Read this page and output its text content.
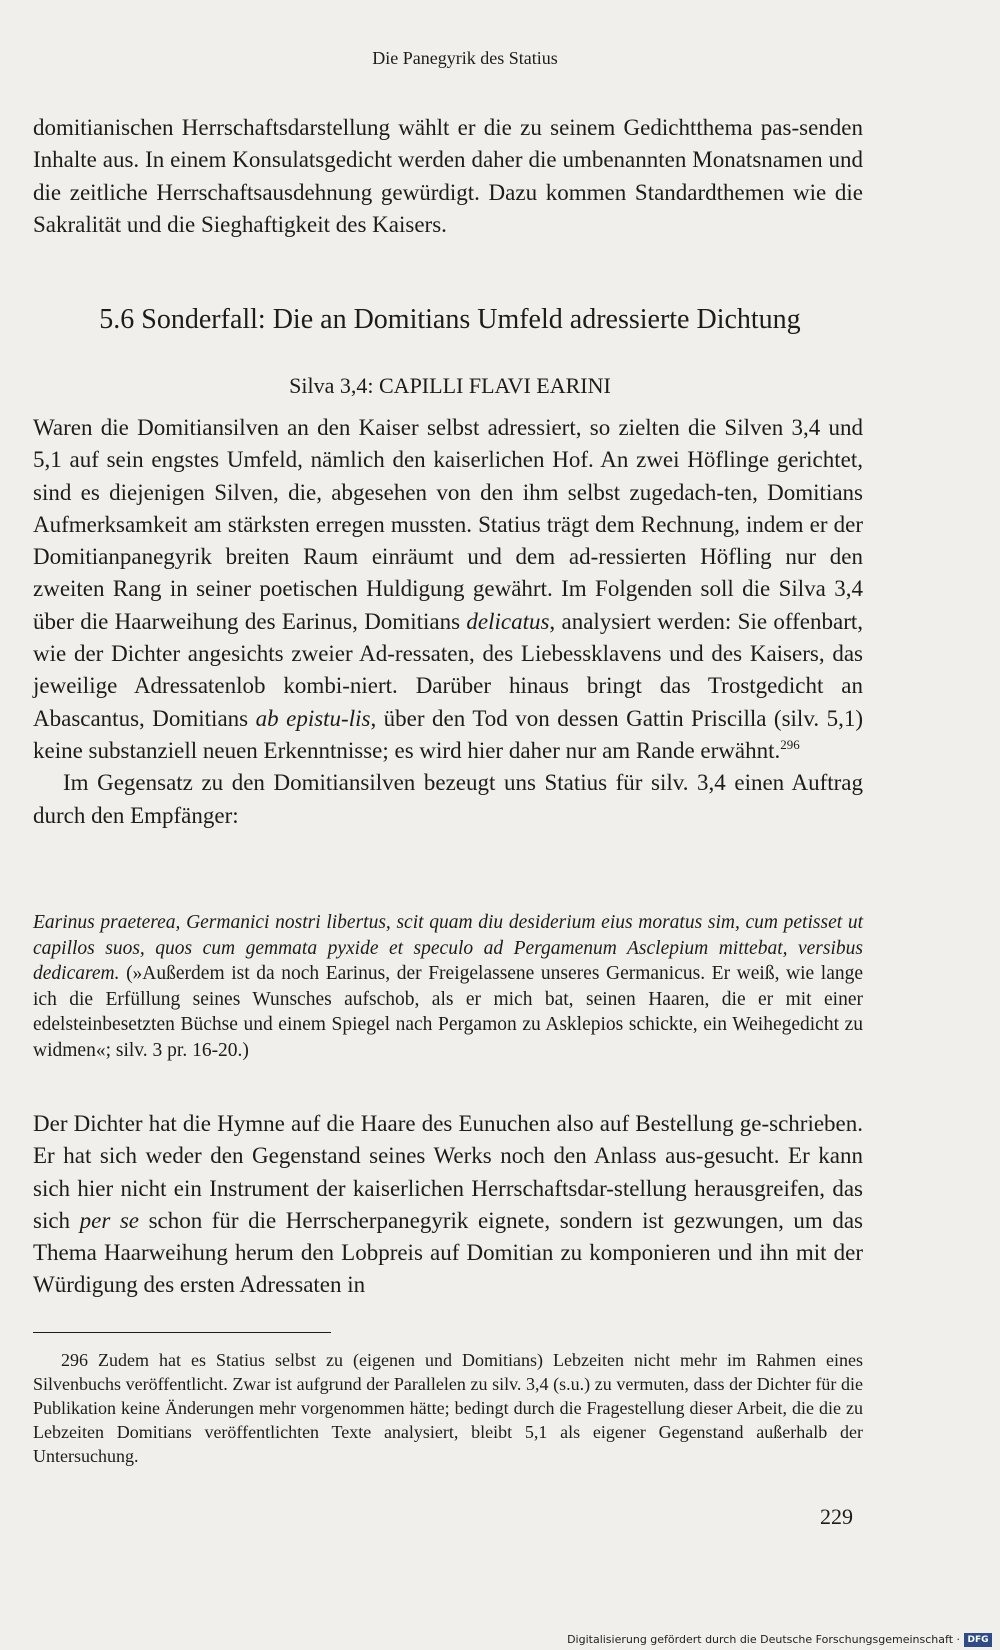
Die Panegyrik des Statius

domitianischen Herrschaftsdarstellung wählt er die zu seinem Gedichtthema pas-senden Inhalte aus. In einem Konsulatsgedicht werden daher die umbenannten Monatsnamen und die zeitliche Herrschaftsausdehnung gewürdigt. Dazu kommen Standardthemen wie die Sakralität und die Sieghaftigkeit des Kaisers.

5.6 Sonderfall: Die an Domitians Umfeld adressierte Dichtung
Silva 3,4: CAPILLI FLAVI EARINI

Waren die Domitiansilven an den Kaiser selbst adressiert, so zielten die Silven 3,4 und 5,1 auf sein engstes Umfeld, nämlich den kaiserlichen Hof. An zwei Höflinge gerichtet, sind es diejenigen Silven, die, abgesehen von den ihm selbst zugedach-ten, Domitians Aufmerksamkeit am stärksten erregen mussten. Statius trägt dem Rechnung, indem er der Domitianpanegyrik breiten Raum einräumt und dem ad-ressierten Höfling nur den zweiten Rang in seiner poetischen Huldigung gewährt. Im Folgenden soll die Silva 3,4 über die Haarweihung des Earinus, Domitians delicatus, analysiert werden: Sie offenbart, wie der Dichter angesichts zweier Ad-ressaten, des Liebessklavens und des Kaisers, das jeweilige Adressatenlob kombi-niert. Darüber hinaus bringt das Trostgedicht an Abascantus, Domitians ab epistu-lis, über den Tod von dessen Gattin Priscilla (silv. 5,1) keine substanziell neuen Erkenntnisse; es wird hier daher nur am Rande erwähnt.$^{296}$

Im Gegensatz zu den Domitiansilven bezeugt uns Statius für silv. 3,4 einen Auftrag durch den Empfänger:

Earinus praeterea, Germanici nostri libertus, scit quam diu desiderium eius moratus sim, cum petisset ut capillos suos, quos cum gemmata pyxide et speculo ad Pergamenum Asclepium mittebat, versibus dedicarem. (»Außerdem ist da noch Earinus, der Freigelassene unseres Germanicus. Er weiß, wie lange ich die Erfüllung seines Wunsches aufschob, als er mich bat, seinen Haaren, die er mit einer edelsteinbesetzten Büchse und einem Spiegel nach Pergamon zu Asklepios schickte, ein Weihegedicht zu widmen«; silv. 3 pr. 16-20.)

Der Dichter hat die Hymne auf die Haare des Eunuchen also auf Bestellung ge-schrieben. Er hat sich weder den Gegenstand seines Werks noch den Anlass aus-gesucht. Er kann sich hier nicht ein Instrument der kaiserlichen Herrschaftsdar-stellung herausgreifen, das sich per se schon für die Herrscherpanegyrik eignete, sondern ist gezwungen, um das Thema Haarweihung herum den Lobpreis auf Domitian zu komponieren und ihn mit der Würdigung des ersten Adressaten in

296 Zudem hat es Statius selbst zu (eigenen und Domitians) Lebzeiten nicht mehr im Rahmen eines Silvenbuchs veröffentlicht. Zwar ist aufgrund der Parallelen zu silv. 3,4 (s.u.) zu vermuten, dass der Dichter für die Publikation keine Änderungen mehr vorgenommen hätte; bedingt durch die Fragestellung dieser Arbeit, die die zu Lebzeiten Domitians veröffentlichten Texte analysiert, bleibt 5,1 als eigener Gegenstand außerhalb der Untersuchung.
229
Digitalisierung gefördert durch die Deutsche Forschungsgemeinschaft · DFG
